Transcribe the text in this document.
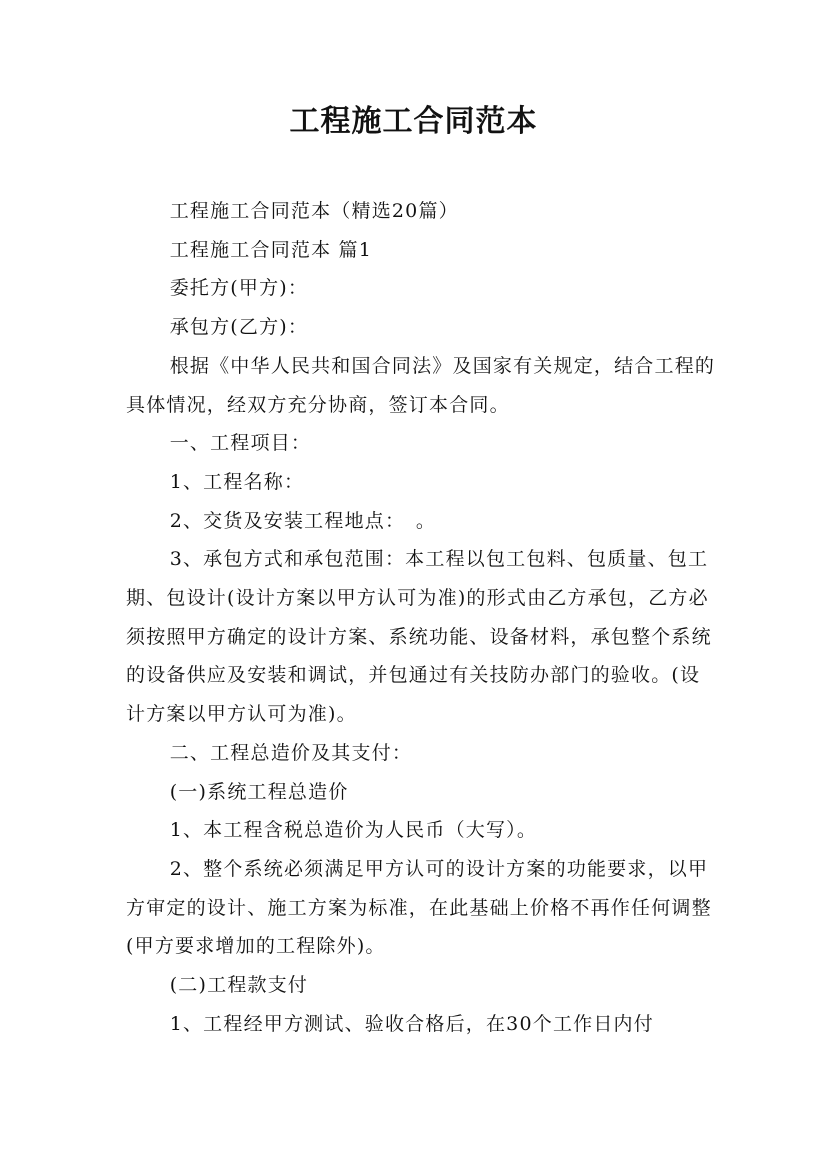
工程施工合同范本

工程施工合同范本（精选20篇）

工程施工合同范本 篇1

委托方(甲方)：

承包方(乙方)：

根据《中华人民共和国合同法》及国家有关规定，结合工程的具体情况，经双方充分协商，签订本合同。

一、工程项目：

1、工程名称：

2、交货及安装工程地点：　。

3、承包方式和承包范围：本工程以包工包料、包质量、包工期、包设计(设计方案以甲方认可为准)的形式由乙方承包，乙方必须按照甲方确定的设计方案、系统功能、设备材料，承包整个系统的设备供应及安装和调试，并包通过有关技防办部门的验收。(设计方案以甲方认可为准)。

二、工程总造价及其支付：

(一)系统工程总造价

1、本工程含税总造价为人民币（大写）。

2、整个系统必须满足甲方认可的设计方案的功能要求，以甲方审定的设计、施工方案为标准，在此基础上价格不再作任何调整(甲方要求增加的工程除外)。

(二)工程款支付

1、工程经甲方测试、验收合格后，在30个工作日内付
